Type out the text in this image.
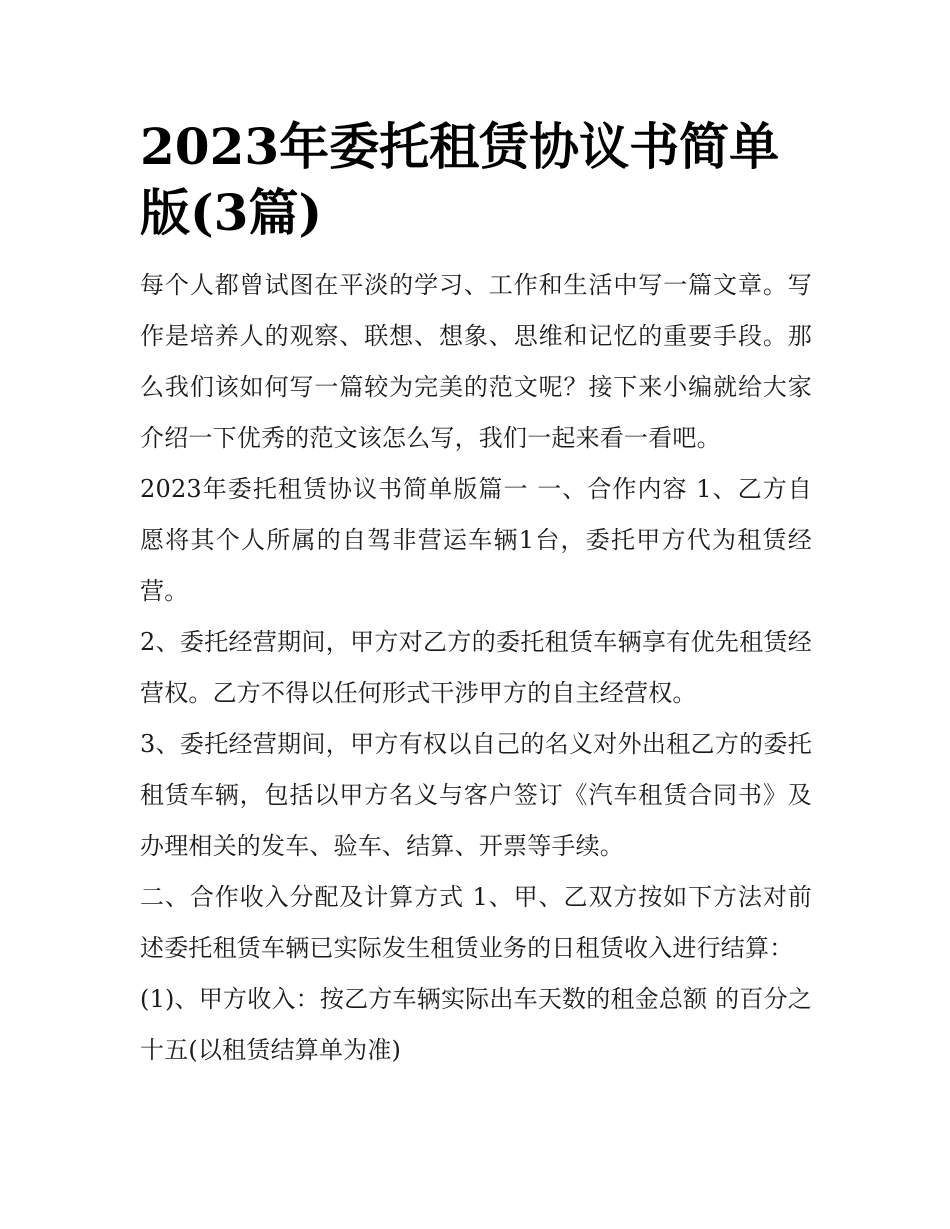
2023年委托租赁协议书简单版(3篇)

每个人都曾试图在平淡的学习、工作和生活中写一篇文章。写作是培养人的观察、联想、想象、思维和记忆的重要手段。那么我们该如何写一篇较为完美的范文呢？接下来小编就给大家介绍一下优秀的范文该怎么写，我们一起来看一看吧。

2023年委托租赁协议书简单版篇一 一、合作内容 1、乙方自愿将其个人所属的自驾非营运车辆1台，委托甲方代为租赁经营。

2、委托经营期间，甲方对乙方的委托租赁车辆享有优先租赁经营权。乙方不得以任何形式干涉甲方的自主经营权。

3、委托经营期间，甲方有权以自己的名义对外出租乙方的委托租赁车辆，包括以甲方名义与客户签订《汽车租赁合同书》及办理相关的发车、验车、结算、开票等手续。

二、合作收入分配及计算方式 1、甲、乙双方按如下方法对前述委托租赁车辆已实际发生租赁业务的日租赁收入进行结算：

(1)、甲方收入：按乙方车辆实际出车天数的租金总额 的百分之十五(以租赁结算单为准)
